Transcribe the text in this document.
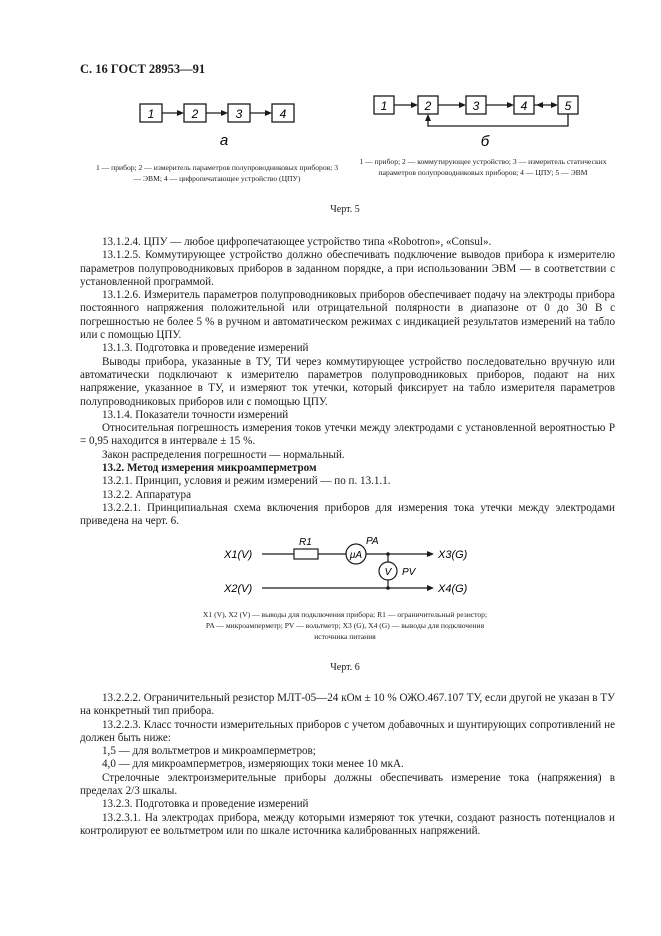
С. 16 ГОСТ 28953—91
1	2	3	4
а
1 — прибор; 2 — измеритель параметров полупроводниковых приборов; 3 — ЭВМ; 4 — цифропечатающее устройство (ЦПУ)
1	2	3	4	5
б
1 — прибор; 2 — коммутирующее устройство; 3 — измеритель статических параметров полупроводниковых приборов; 4 — ЦПУ; 5 — ЭВМ
Черт. 5

13.1.2.4. ЦПУ — любое цифропечатающее устройство типа «Robotron», «Consul».

13.1.2.5. Коммутирующее устройство должно обеспечивать подключение выводов прибора к измерителю параметров полупроводниковых приборов в заданном порядке, а при использовании ЭВМ — в соответствии с установленной программой.

13.1.2.6. Измеритель параметров полупроводниковых приборов обеспечивает подачу на электроды прибора постоянного напряжения положительной или отрицательной полярности в диапазоне от 0 до 30 В с погрешностью не более 5 % в ручном и автоматическом режимах с индикацией результатов измерений на табло или с помощью ЦПУ.

13.1.3. Подготовка и проведение измерений

Выводы прибора, указанные в ТУ, ТИ через коммутирующее устройство последовательно вручную или автоматически подключают к измерителю параметров полупроводниковых приборов, подают на них напряжение, указанное в ТУ, и измеряют ток утечки, который фиксирует на табло измерителя параметров полупроводниковых приборов или с помощью ЦПУ.

13.1.4. Показатели точности измерений

Относительная погрешность измерения токов утечки между электродами с установленной вероятностью P = 0,95 находится в интервале ± 15 %.

Закон распределения погрешности — нормальный.

13.2. Метод измерения микроамперметром

13.2.1. Принцип, условия и режим измерений — по п. 13.1.1.

13.2.2. Аппаратура

13.2.2.1. Принципиальная схема включения приборов для измерения тока утечки между электродами приведена на черт. 6.

X1(V)
X2(V)
X3(G)
X4(G)
R1	PA
μA
V PV
X1 (V), X2 (V) — выводы для подключения прибора; R1 — ограничительный резистор; PA — микроамперметр; PV — вольтметр; X3 (G), X4 (G) — выводы для подключения источника питания
Черт. 6

13.2.2.2. Ограничительный резистор МЛТ-05—24 кОм ± 10 % ОЖО.467.107 ТУ, если другой не указан в ТУ на конкретный тип прибора.

13.2.2.3. Класс точности измерительных приборов с учетом добавочных и шунтирующих сопротивлений не должен быть ниже:

1,5 — для вольтметров и микроамперметров;

4,0 — для микроамперметров, измеряющих токи менее 10 мкА.

Стрелочные электроизмерительные приборы должны обеспечивать измерение тока (напряжения) в пределах 2/3 шкалы.

13.2.3. Подготовка и проведение измерений

13.2.3.1. На электродах прибора, между которыми измеряют ток утечки, создают разность потенциалов и контролируют ее вольтметром или по шкале источника калиброванных напряжений.
